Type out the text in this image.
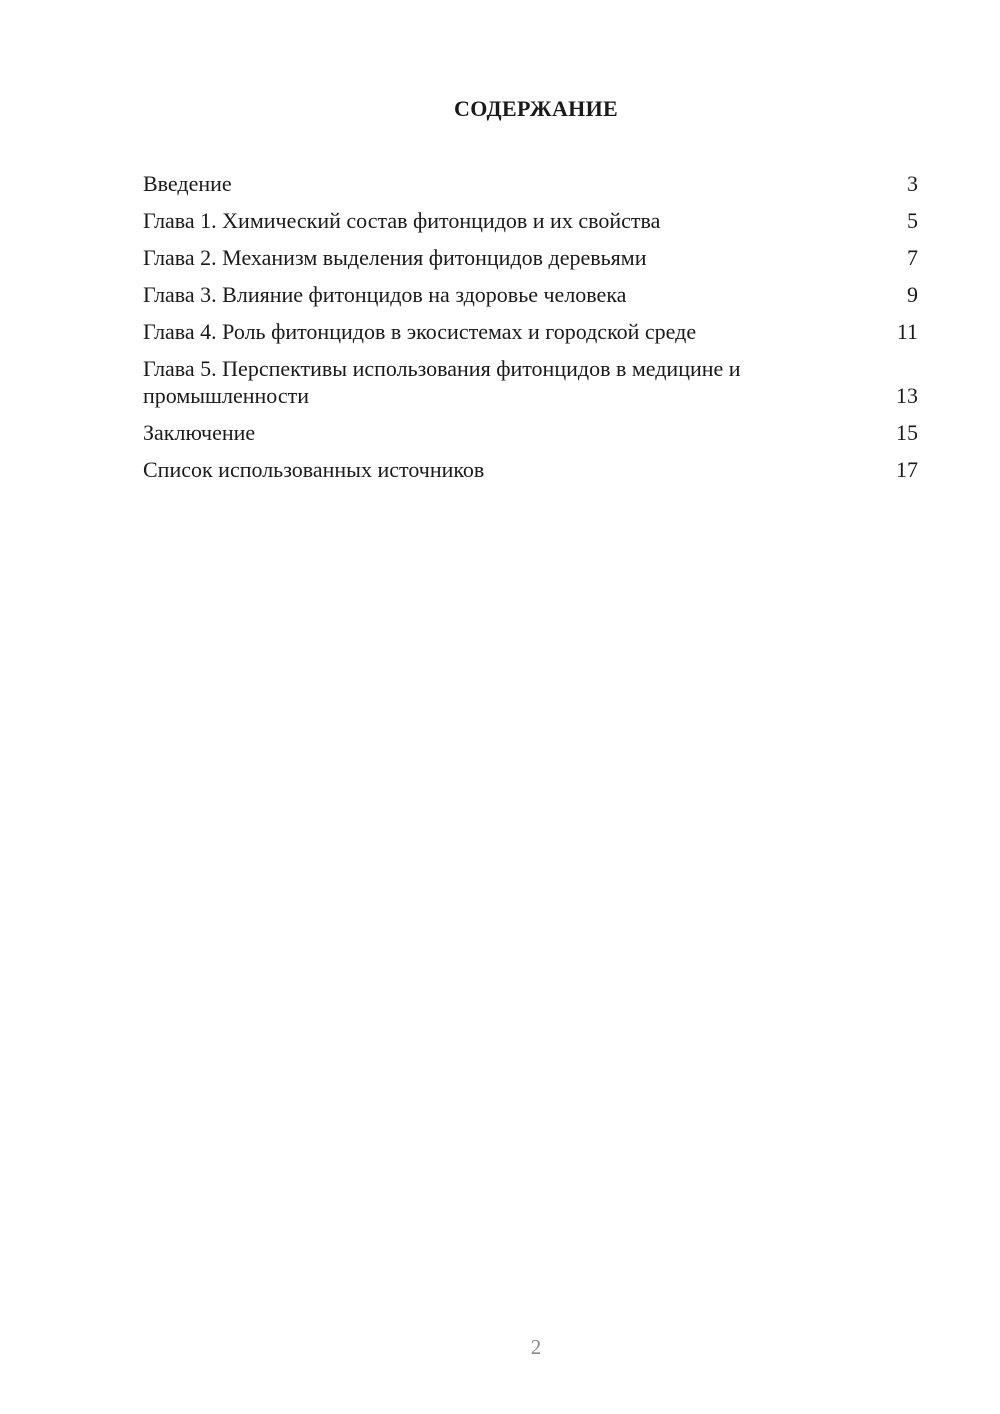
СОДЕРЖАНИЕ
Введение	3
Глава 1. Химический состав фитонцидов и их свойства	5
Глава 2. Механизм выделения фитонцидов деревьями	7
Глава 3. Влияние фитонцидов на здоровье человека	9
Глава 4. Роль фитонцидов в экосистемах и городской среде	11
Глава 5. Перспективы использования фитонцидов в медицине и промышленности	13
Заключение	15
Список использованных источников	17
2
